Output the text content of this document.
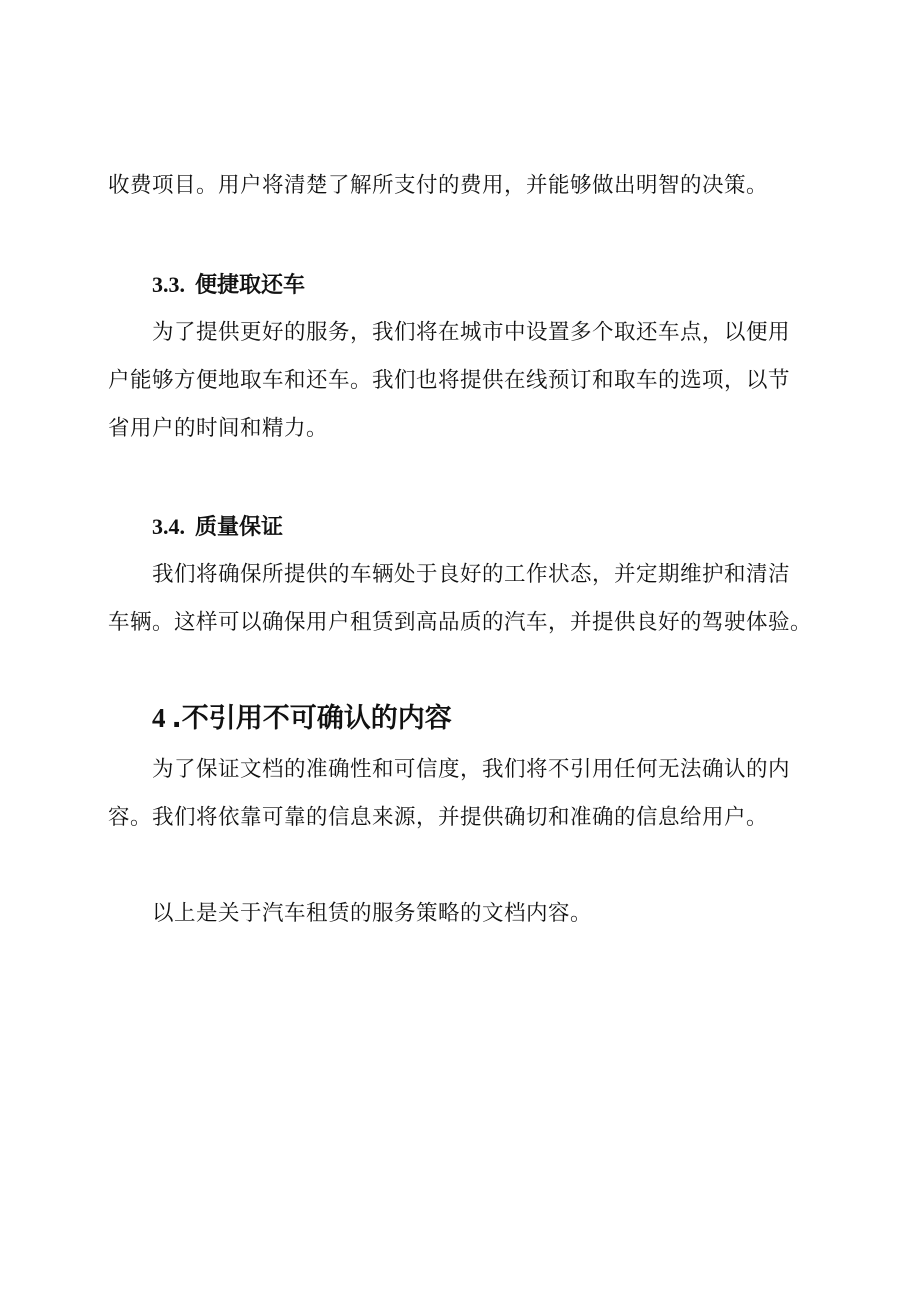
收费项目。用户将清楚了解所支付的费用，并能够做出明智的决策。

3.3. 便捷取还车

为了提供更好的服务，我们将在城市中设置多个取还车点，以便用

户能够方便地取车和还车。我们也将提供在线预订和取车的选项，以节

省用户的时间和精力。

3.4. 质量保证

我们将确保所提供的车辆处于良好的工作状态，并定期维护和清洁

车辆。这样可以确保用户租赁到高品质的汽车，并提供良好的驾驶体验。

4 .不引用不可确认的内容

为了保证文档的准确性和可信度，我们将不引用任何无法确认的内

容。我们将依靠可靠的信息来源，并提供确切和准确的信息给用户。

以上是关于汽车租赁的服务策略的文档内容。
